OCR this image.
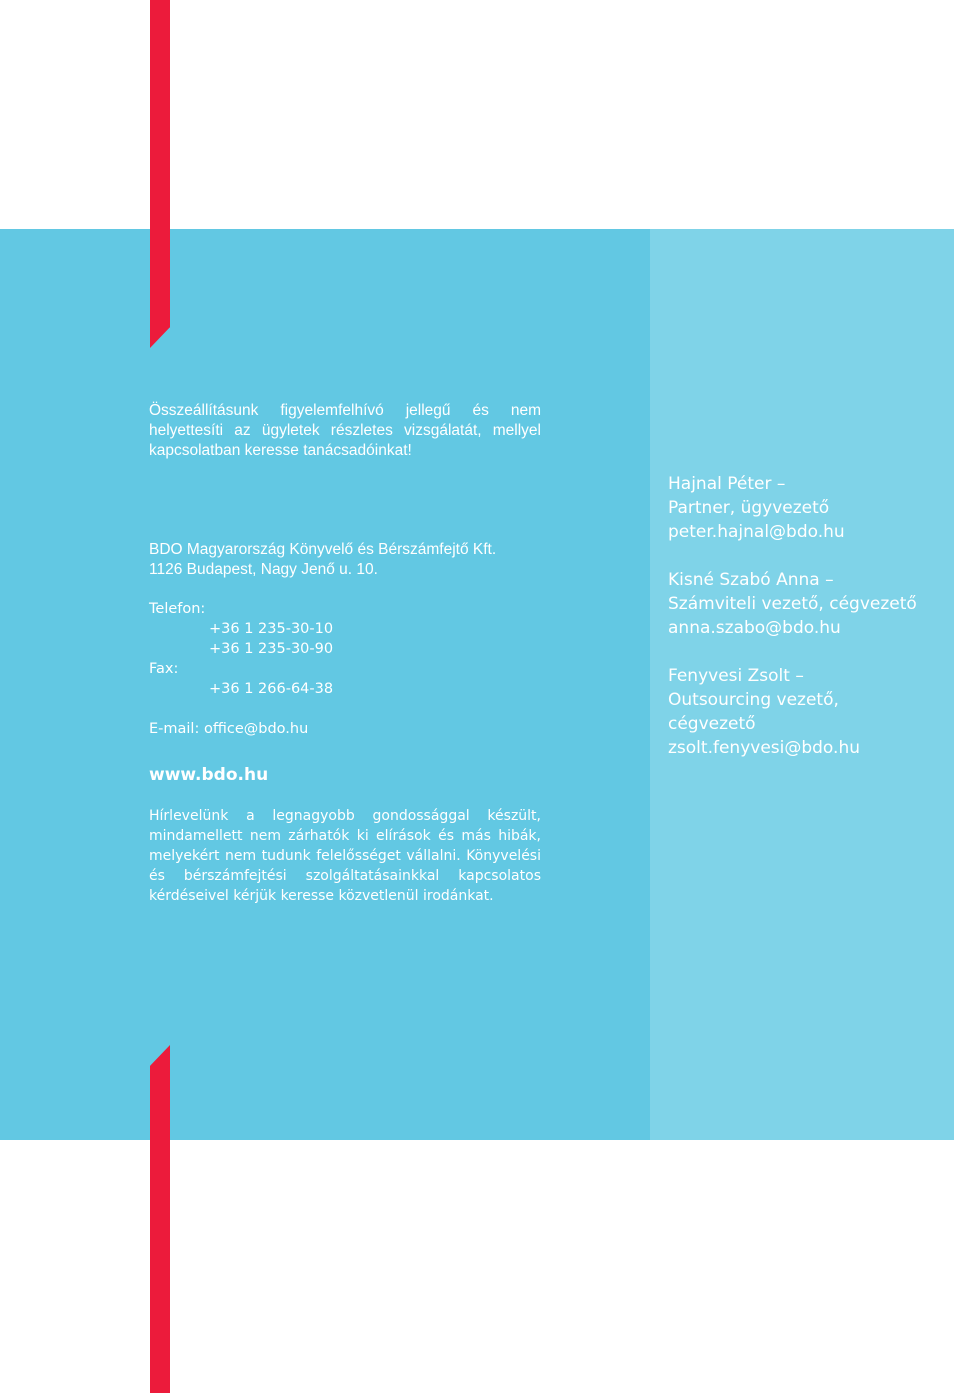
Összeállításunk figyelemfelhívó jellegű és nem helyettesíti az ügyletek részletes vizsgálatát, mellyel kapcsolatban keresse tanácsadóinkat!
BDO Magyarország Könyvelő és Bérszámfejtő Kft.
1126 Budapest, Nagy Jenő u. 10.
Telefon:
+36 1 235-30-10
+36 1 235-30-90
Fax:
+36 1 266-64-38
E-mail: office@bdo.hu
www.bdo.hu
Hírlevelünk a legnagyobb gondossággal készült, mindamellett nem zárhatók ki elírások és más hibák, melyekért nem tudunk felelősséget vállalni. Könyvelési és bérszámfejtési szolgáltatásainkkal kapcsolatos kérdéseivel kérjük keresse közvetlenül irodánkat.
Hajnal Péter –
Partner, ügyvezető
peter.hajnal@bdo.hu
Kisné Szabó Anna –
Számviteli vezető, cégvezető
anna.szabo@bdo.hu
Fenyvesi Zsolt –
Outsourcing vezető,
cégvezető
zsolt.fenyvesi@bdo.hu
